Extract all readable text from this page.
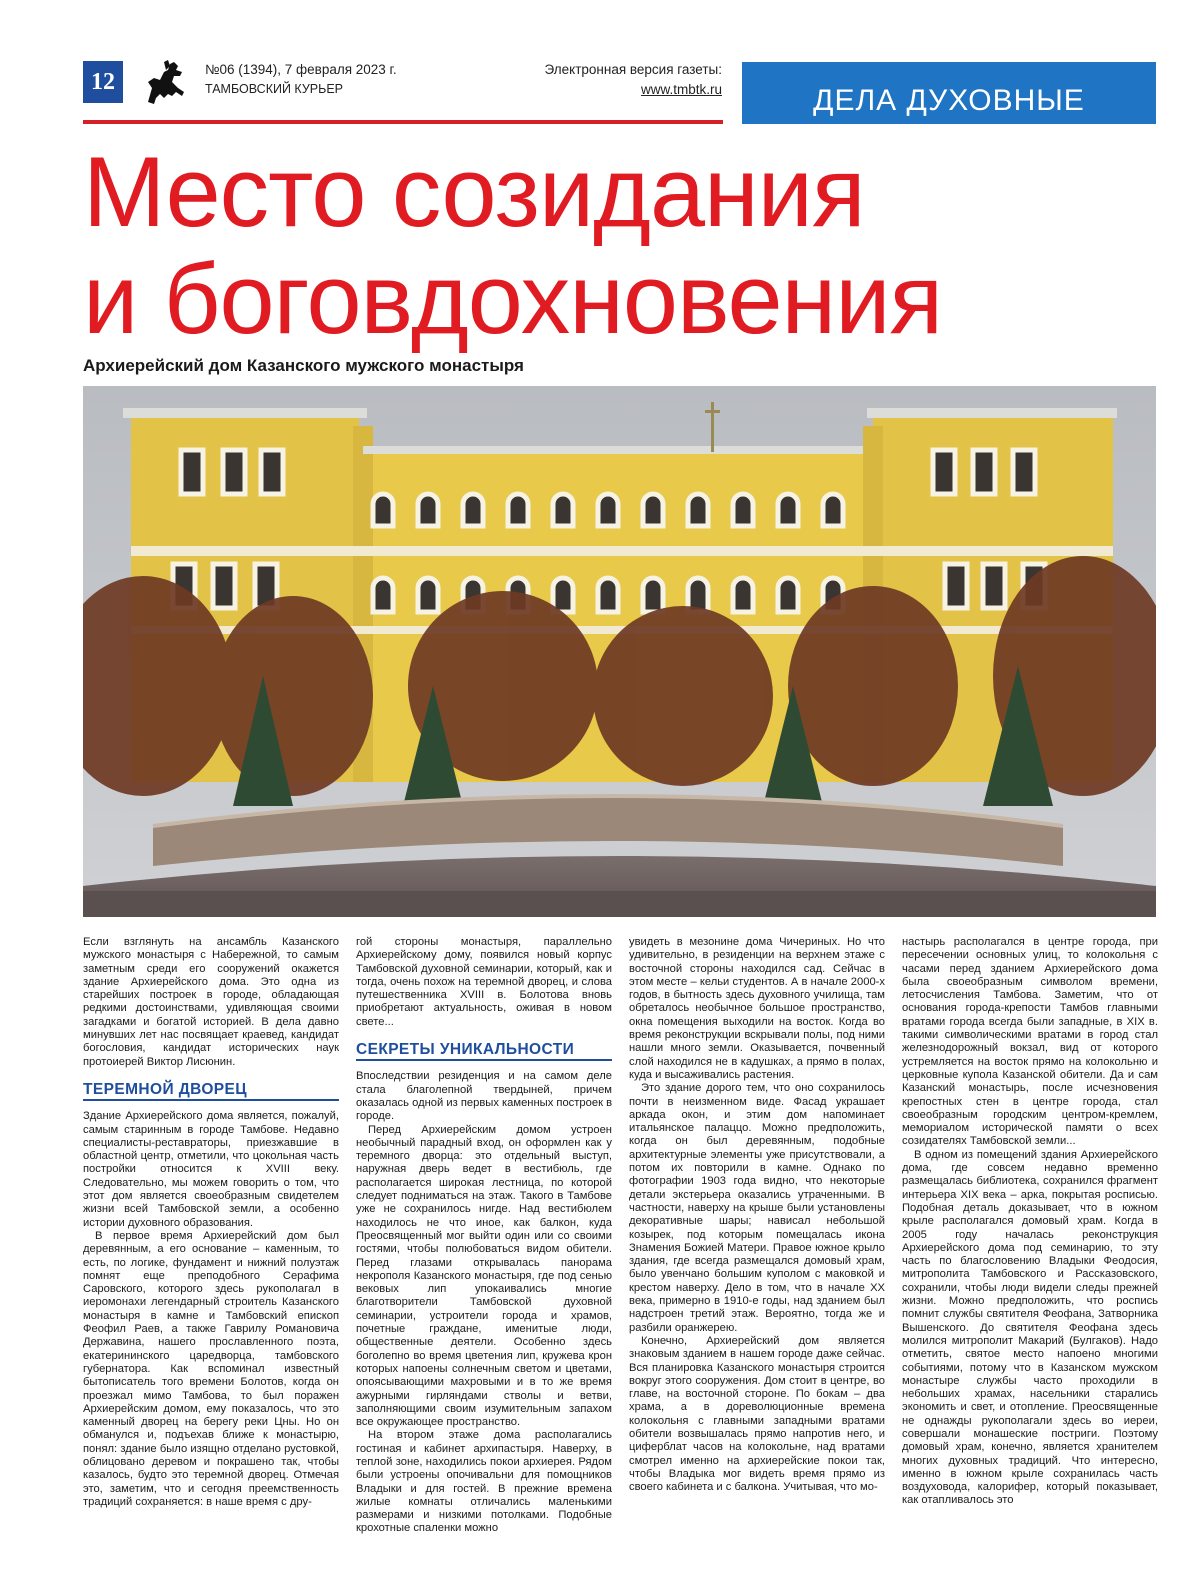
12	№06 (1394), 7 февраля 2023 г.
ТАМБОВСКИЙ КУРЬЕР
Электронная версия газеты:
www.tmbtk.ru	ДЕЛА ДУХОВНЫЕ
Место созидания
и боговдохновения
Архиерейский дом Казанского мужского монастыря

Если взглянуть на ансамбль Казанского мужского монастыря с Набережной, то самым заметным среди его сооружений окажется здание Архиерейского дома. Это одна из старейших построек в городе, обладающая редкими достоинствами, удивляющая своими загадками и богатой историей. В дела давно минувших лет нас посвящает краевед, кандидат богословия, кандидат исторических наук протоиерей Виктор Лисюнин.

ТЕРЕМНОЙ ДВОРЕЦ

Здание Архиерейского дома является, пожалуй, самым старинным в городе Тамбове. Недавно специалисты-реставраторы, приезжавшие в областной центр, отметили, что цокольная часть постройки относится к XVIII веку. Следовательно, мы можем говорить о том, что этот дом является своеобразным свидетелем жизни всей Тамбовской земли, а особенно истории духовного образования.

В первое время Архиерейский дом был деревянным, а его основание – каменным, то есть, по логике, фундамент и нижний полуэтаж помнят еще преподобного Серафима Саровского, которого здесь рукополагал в иеромонахи легендарный строитель Казанского монастыря в камне и Тамбовский епископ Феофил Раев, а также Гаврилу Романовича Державина, нашего прославленного поэта, екатерининского царедворца, тамбовского губернатора. Как вспоминал известный бытописатель того времени Болотов, когда он проезжал мимо Тамбова, то был поражен Архиерейским домом, ему показалось, что это каменный дворец на берегу реки Цны. Но он обманулся и, подъехав ближе к монастырю, понял: здание было изящно отделано рустовкой, облицовано деревом и покрашено так, чтобы казалось, будто это теремной дворец. Отмечая это, заметим, что и сегодня преемственность традиций сохраняется: в наше время с дру-

гой стороны монастыря, параллельно Архиерейскому дому, появился новый корпус Тамбовской духовной семинарии, который, как и тогда, очень похож на теремной дворец, и слова путешественника XVIII в. Болотова вновь приобретают актуальность, оживая в новом свете...

СЕКРЕТЫ УНИКАЛЬНОСТИ

Впоследствии резиденция и на самом деле стала благолепной твердыней, причем оказалась одной из первых каменных построек в городе.

Перед Архиерейским домом устроен необычный парадный вход, он оформлен как у теремного дворца: это отдельный выступ, наружная дверь ведет в вестибюль, где располагается широкая лестница, по которой следует подниматься на этаж. Такого в Тамбове уже не сохранилось нигде. Над вестибюлем находилось не что иное, как балкон, куда Преосвященный мог выйти один или со своими гостями, чтобы полюбоваться видом обители. Перед глазами открывалась панорама некрополя Казанского монастыря, где под сенью вековых лип упокаивались многие благотворители Тамбовской духовной семинарии, устроители города и храмов, почетные граждане, именитые люди, общественные деятели. Особенно здесь боголепно во время цветения лип, кружева крон которых напоены солнечным светом и цветами, опоясывающими махровыми и в то же время ажурными гирляндами стволы и ветви, заполняющими своим изумительным запахом все окружающее пространство.

На втором этаже дома располагались гостиная и кабинет архипастыря. Наверху, в теплой зоне, находились покои архиерея. Рядом были устроены опочивальни для помощников Владыки и для гостей. В прежние времена жилые комнаты отличались маленькими размерами и низкими потолками. Подобные крохотные спаленки можно

увидеть в мезонине дома Чичериных. Но что удивительно, в резиденции на верхнем этаже с восточной стороны находился сад. Сейчас в этом месте – кельи студентов. А в начале 2000-х годов, в бытность здесь духовного училища, там обреталось необычное большое пространство, окна помещения выходили на восток. Когда во время реконструкции вскрывали полы, под ними нашли много земли. Оказывается, почвенный слой находился не в кадушках, а прямо в полах, куда и высаживались растения.

Это здание дорого тем, что оно сохранилось почти в неизменном виде. Фасад украшает аркада окон, и этим дом напоминает итальянское палаццо. Можно предположить, когда он был деревянным, подобные архитектурные элементы уже присутствовали, а потом их повторили в камне. Однако по фотографии 1903 года видно, что некоторые детали экстерьера оказались утраченными. В частности, наверху на крыше были установлены декоративные шары; нависал небольшой козырек, под которым помещалась икона Знамения Божией Матери. Правое южное крыло здания, где всегда размещался домовый храм, было увенчано большим куполом с маковкой и крестом наверху. Дело в том, что в начале XX века, примерно в 1910-е годы, над зданием был надстроен третий этаж. Вероятно, тогда же и разбили оранжерею.

Конечно, Архиерейский дом является знаковым зданием в нашем городе даже сейчас. Вся планировка Казанского монастыря строится вокруг этого сооружения. Дом стоит в центре, во главе, на восточной стороне. По бокам – два храма, а в дореволюционные времена колокольня с главными западными вратами обители возвышалась прямо напротив него, и циферблат часов на колокольне, над вратами смотрел именно на архиерейские покои так, чтобы Владыка мог видеть время прямо из своего кабинета и с балкона. Учитывая, что мо-

настырь располагался в центре города, при пересечении основных улиц, то колокольня с часами перед зданием Архиерейского дома была своеобразным символом времени, летосчисления Тамбова. Заметим, что от основания города-крепости Тамбов главными вратами города всегда были западные, в XIX в. такими символическими вратами в город стал железнодорожный вокзал, вид от которого устремляется на восток прямо на колокольню и церковные купола Казанской обители. Да и сам Казанский монастырь, после исчезновения крепостных стен в центре города, стал своеобразным городским центром-кремлем, мемориалом исторической памяти о всех созидателях Тамбовской земли...

В одном из помещений здания Архиерейского дома, где совсем недавно временно размещалась библиотека, сохранился фрагмент интерьера XIX века – арка, покрытая росписью. Подобная деталь доказывает, что в южном крыле располагался домовый храм. Когда в 2005 году началась реконструкция Архиерейского дома под семинарию, то эту часть по благословению Владыки Феодосия, митрополита Тамбовского и Рассказовского, сохранили, чтобы люди видели следы прежней жизни. Можно предположить, что роспись помнит службы святителя Феофана, Затворника Вышенского. До святителя Феофана здесь молился митрополит Макарий (Булгаков). Надо отметить, святое место напоено многими событиями, потому что в Казанском мужском монастыре службы часто проходили в небольших храмах, насельники старались экономить и свет, и отопление. Преосвященные не однажды рукополагали здесь во иереи, совершали монашеские постриги. Поэтому домовый храм, конечно, является хранителем многих духовных традиций. Что интересно, именно в южном крыле сохранилась часть воздуховода, калорифер, который показывает, как отапливалось это
